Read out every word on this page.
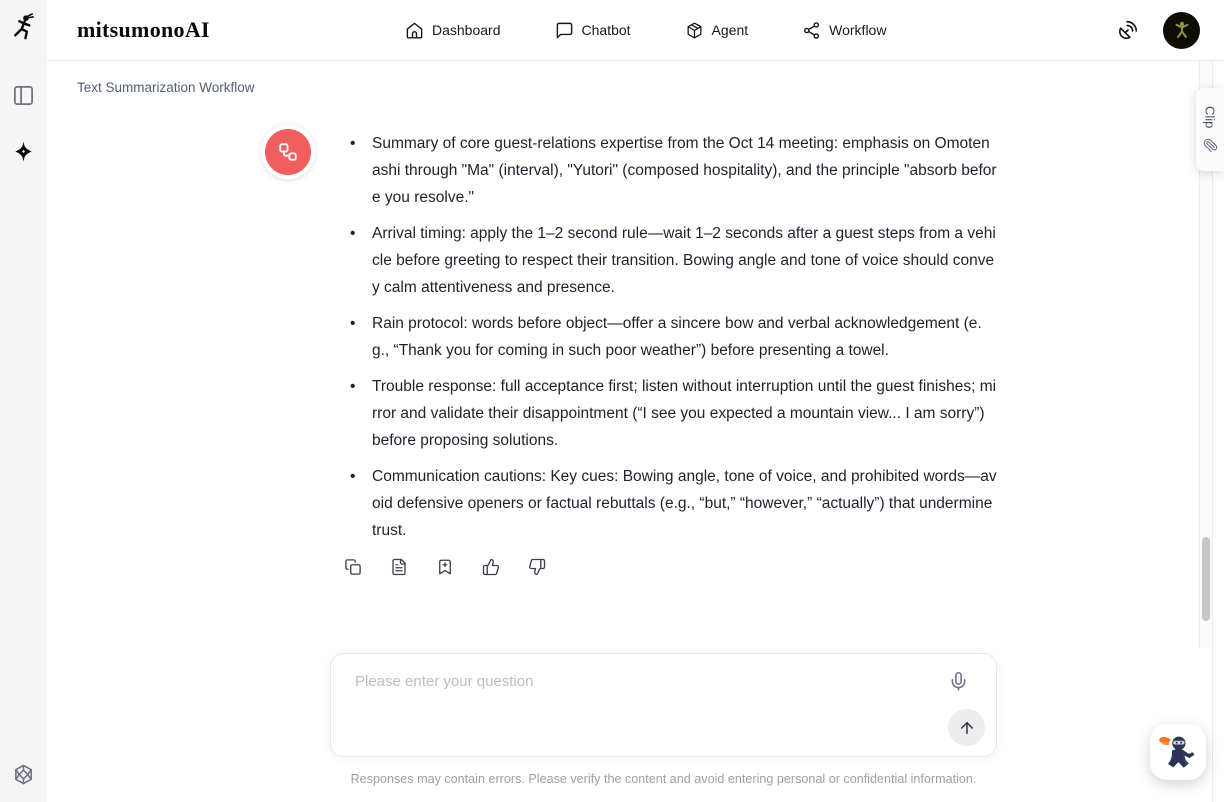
mitsumonoAI	Dashboard	Chatbot	Agent	Workflow
Text Summarization Workflow
• Summary of core guest-relations expertise from the Oct 14 meeting: emphasis on Omotenashi through "Ma" (interval), "Yutori" (composed hospitality), and the principle "absorb before you resolve."
• Arrival timing: apply the 1–2 second rule—wait 1–2 seconds after a guest steps from a vehicle before greeting to respect their transition. Bowing angle and tone of voice should convey calm attentiveness and presence.
• Rain protocol: words before object—offer a sincere bow and verbal acknowledgement (e.g., “Thank you for coming in such poor weather”) before presenting a towel.
• Trouble response: full acceptance first; listen without interruption until the guest finishes; mirror and validate their disappointment (“I see you expected a mountain view... I am sorry”) before proposing solutions.
• Communication cautions: Key cues: Bowing angle, tone of voice, and prohibited words—avoid defensive openers or factual rebuttals (e.g., “but,” “however,” “actually”) that undermine trust.
Please enter your question
Responses may contain errors. Please verify the content and avoid entering personal or confidential information.
Clip
